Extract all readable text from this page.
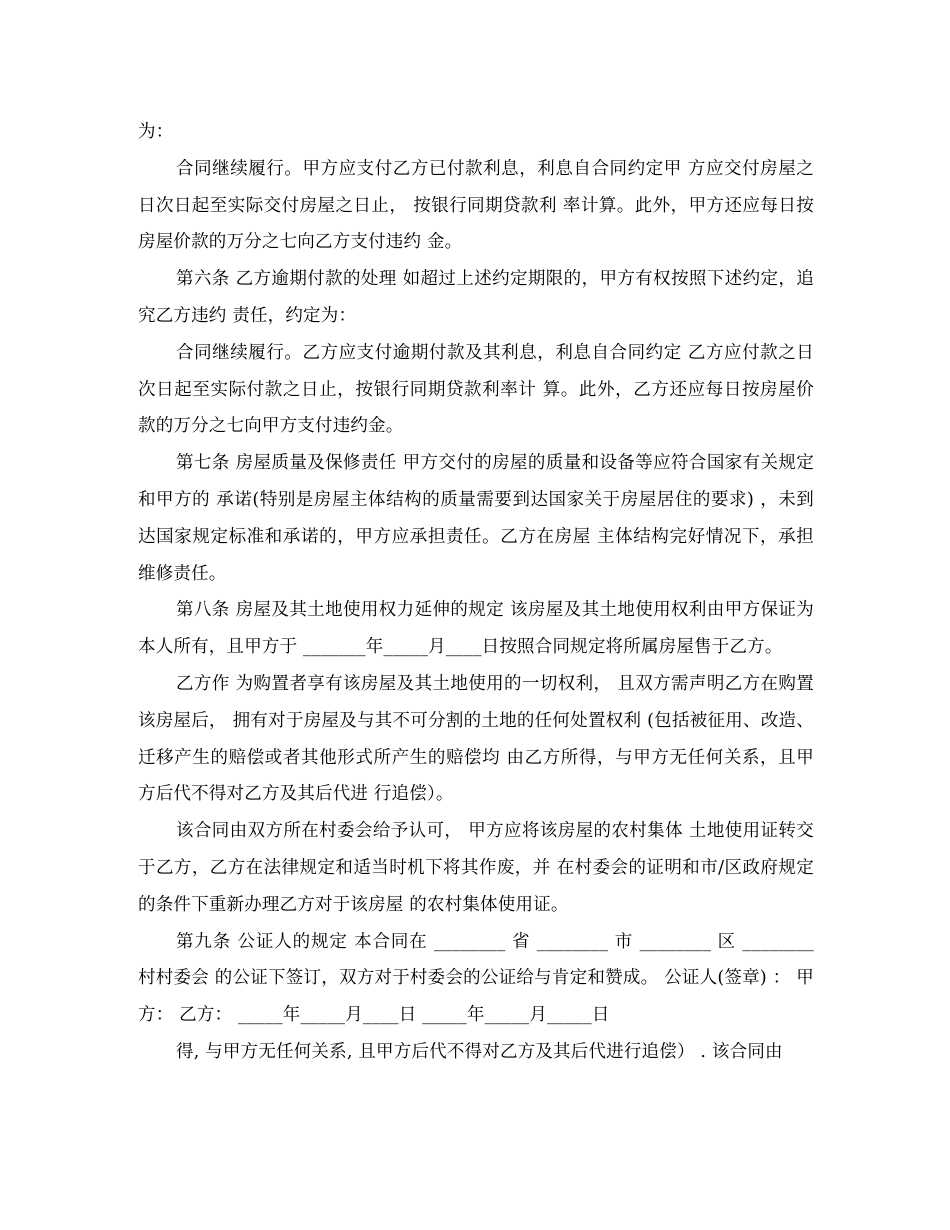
为：

合同继续履行。甲方应支付乙方已付款利息，利息自合同约定甲 方应交付房屋之日次日起至实际交付房屋之日止， 按银行同期贷款利 率计算。此外，甲方还应每日按房屋价款的万分之七向乙方支付违约 金。

第六条 乙方逾期付款的处理 如超过上述约定期限的，甲方有权按照下述约定，追究乙方违约 责任，约定为：

合同继续履行。乙方应支付逾期付款及其利息，利息自合同约定 乙方应付款之日次日起至实际付款之日止，按银行同期贷款利率计 算。此外，乙方还应每日按房屋价款的万分之七向甲方支付违约金。

第七条 房屋质量及保修责任 甲方交付的房屋的质量和设备等应符合国家有关规定和甲方的 承诺(特别是房屋主体结构的质量需要到达国家关于房屋居住的要求) ，未到达国家规定标准和承诺的，甲方应承担责任。乙方在房屋 主体结构完好情况下，承担维修责任。

第八条 房屋及其土地使用权力延伸的规定 该房屋及其土地使用权利由甲方保证为本人所有，且甲方于 _______年_____月____日按照合同规定将所属房屋售于乙方。

乙方作 为购置者享有该房屋及其土地使用的一切权利， 且双方需声明乙方在购置该房屋后， 拥有对于房屋及与其不可分割的土地的任何处置权利 (包括被征用、改造、迁移产生的赔偿或者其他形式所产生的赔偿均 由乙方所得，与甲方无任何关系，且甲方后代不得对乙方及其后代进 行追偿）。

该合同由双方所在村委会给予认可， 甲方应将该房屋的农村集体 土地使用证转交于乙方，乙方在法律规定和适当时机下将其作废，并 在村委会的证明和市/区政府规定的条件下重新办理乙方对于该房屋 的农村集体使用证。

第九条 公证人的规定 本合同在 ________ 省 ________ 市 ________ 区 ________ 村村委会 的公证下签订，双方对于村委会的公证给与肯定和赞成。 公证人(签章) ： 甲方： 乙方： _____年_____月____日 _____年_____月_____日

得, 与甲方无任何关系, 且甲方后代不得对乙方及其后代进行追偿） . 该合同由
